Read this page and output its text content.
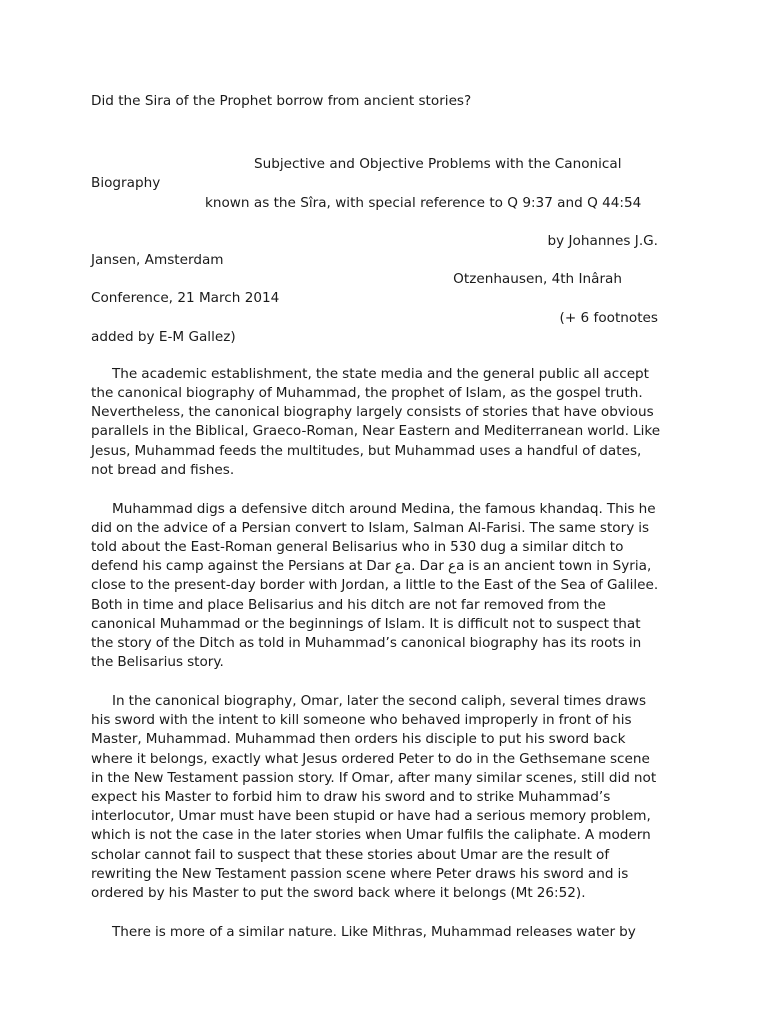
Did the Sira of the Prophet borrow from ancient stories?
Subjective and Objective Problems with the Canonical
Biography
known as the Sîra, with special reference to Q 9:37 and Q 44:54
by Johannes J.G.
Jansen, Amsterdam
Otzenhausen, 4th Inârah
Conference, 21 March 2014
(+ 6 footnotes
added by E-M Gallez)
The academic establishment, the state media and the general public all accept
the canonical biography of Muhammad, the prophet of Islam, as the gospel truth.
Nevertheless, the canonical biography largely consists of stories that have obvious
parallels in the Biblical, Graeco-Roman, Near Eastern and Mediterranean world. Like
Jesus, Muhammad feeds the multitudes, but Muhammad uses a handful of dates,
not bread and fishes.
Muhammad digs a defensive ditch around Medina, the famous khandaq. This he
did on the advice of a Persian convert to Islam, Salman Al-Farisi. The same story is
told about the East-Roman general Belisarius who in 530 dug a similar ditch to
defend his camp against the Persians at Dar عa. Dar عa is an ancient town in Syria,
close to the present-day border with Jordan, a little to the East of the Sea of Galilee.
Both in time and place Belisarius and his ditch are not far removed from the
canonical Muhammad or the beginnings of Islam. It is difficult not to suspect that
the story of the Ditch as told in Muhammad’s canonical biography has its roots in
the Belisarius story.
In the canonical biography, Omar, later the second caliph, several times draws
his sword with the intent to kill someone who behaved improperly in front of his
Master, Muhammad. Muhammad then orders his disciple to put his sword back
where it belongs, exactly what Jesus ordered Peter to do in the Gethsemane scene
in the New Testament passion story. If Omar, after many similar scenes, still did not
expect his Master to forbid him to draw his sword and to strike Muhammad’s
interlocutor, Umar must have been stupid or have had a serious memory problem,
which is not the case in the later stories when Umar fulfils the caliphate. A modern
scholar cannot fail to suspect that these stories about Umar are the result of
rewriting the New Testament passion scene where Peter draws his sword and is
ordered by his Master to put the sword back where it belongs (Mt 26:52).
There is more of a similar nature. Like Mithras, Muhammad releases water by
